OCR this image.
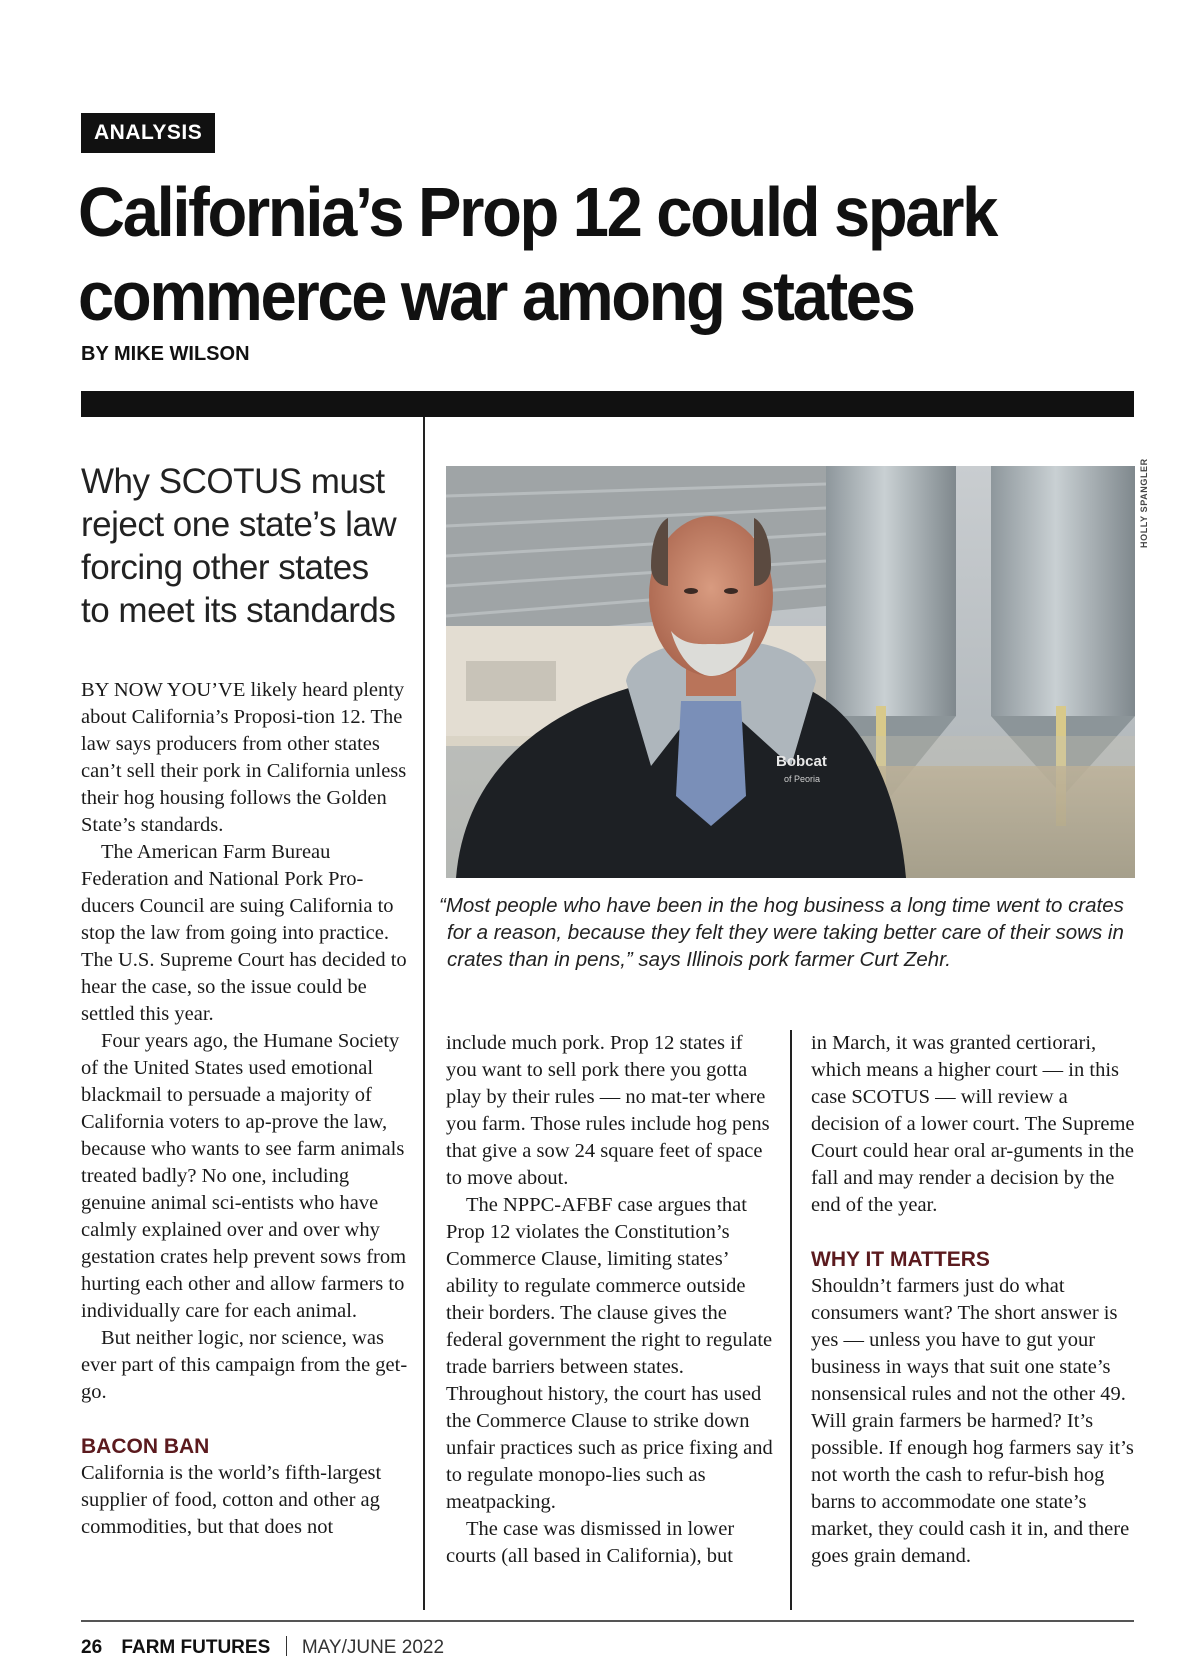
ANALYSIS
California’s Prop 12 could spark
commerce war among states
BY MIKE WILSON
Why SCOTUS must reject one state’s law forcing other states to meet its standards

BY NOW YOU’VE likely heard plenty about California’s Proposi-tion 12. The law says producers from other states can’t sell their pork in California unless their hog housing follows the Golden State’s standards.

The American Farm Bureau Federation and National Pork Pro-ducers Council are suing California to stop the law from going into practice. The U.S. Supreme Court has decided to hear the case, so the issue could be settled this year.

Four years ago, the Humane Society of the United States used emotional blackmail to persuade a majority of California voters to ap-prove the law, because who wants to see farm animals treated badly? No one, including genuine animal sci-entists who have calmly explained over and over why gestation crates help prevent sows from hurting each other and allow farmers to individually care for each animal.

But neither logic, nor science, was ever part of this campaign from the get-go.

BACON BAN

California is the world’s fifth-largest supplier of food, cotton and other ag commodities, but that does not

Bobcat
of Peoria
HOLLY SPANGLER
“Most people who have been in the hog business a long time went to crates for a reason, because they felt they were taking better care of their sows in crates than in pens,” says Illinois pork farmer Curt Zehr.

include much pork. Prop 12 states if you want to sell pork there you gotta play by their rules — no mat-ter where you farm. Those rules include hog pens that give a sow 24 square feet of space to move about.

The NPPC-AFBF case argues that Prop 12 violates the Constitution’s Commerce Clause, limiting states’ ability to regulate commerce outside their borders. The clause gives the federal government the right to regulate trade barriers between states. Throughout history, the court has used the Commerce Clause to strike down unfair practices such as price fixing and to regulate monopo-lies such as meatpacking.

The case was dismissed in lower courts (all based in California), but

in March, it was granted certiorari, which means a higher court — in this case SCOTUS — will review a decision of a lower court. The Supreme Court could hear oral ar-guments in the fall and may render a decision by the end of the year.

WHY IT MATTERS

Shouldn’t farmers just do what consumers want? The short answer is yes — unless you have to gut your business in ways that suit one state’s nonsensical rules and not the other 49. Will grain farmers be harmed? It’s possible. If enough hog farmers say it’s not worth the cash to refur-bish hog barns to accommodate one state’s market, they could cash it in, and there goes grain demand.

26 FARM FUTURES MAY/JUNE 2022
